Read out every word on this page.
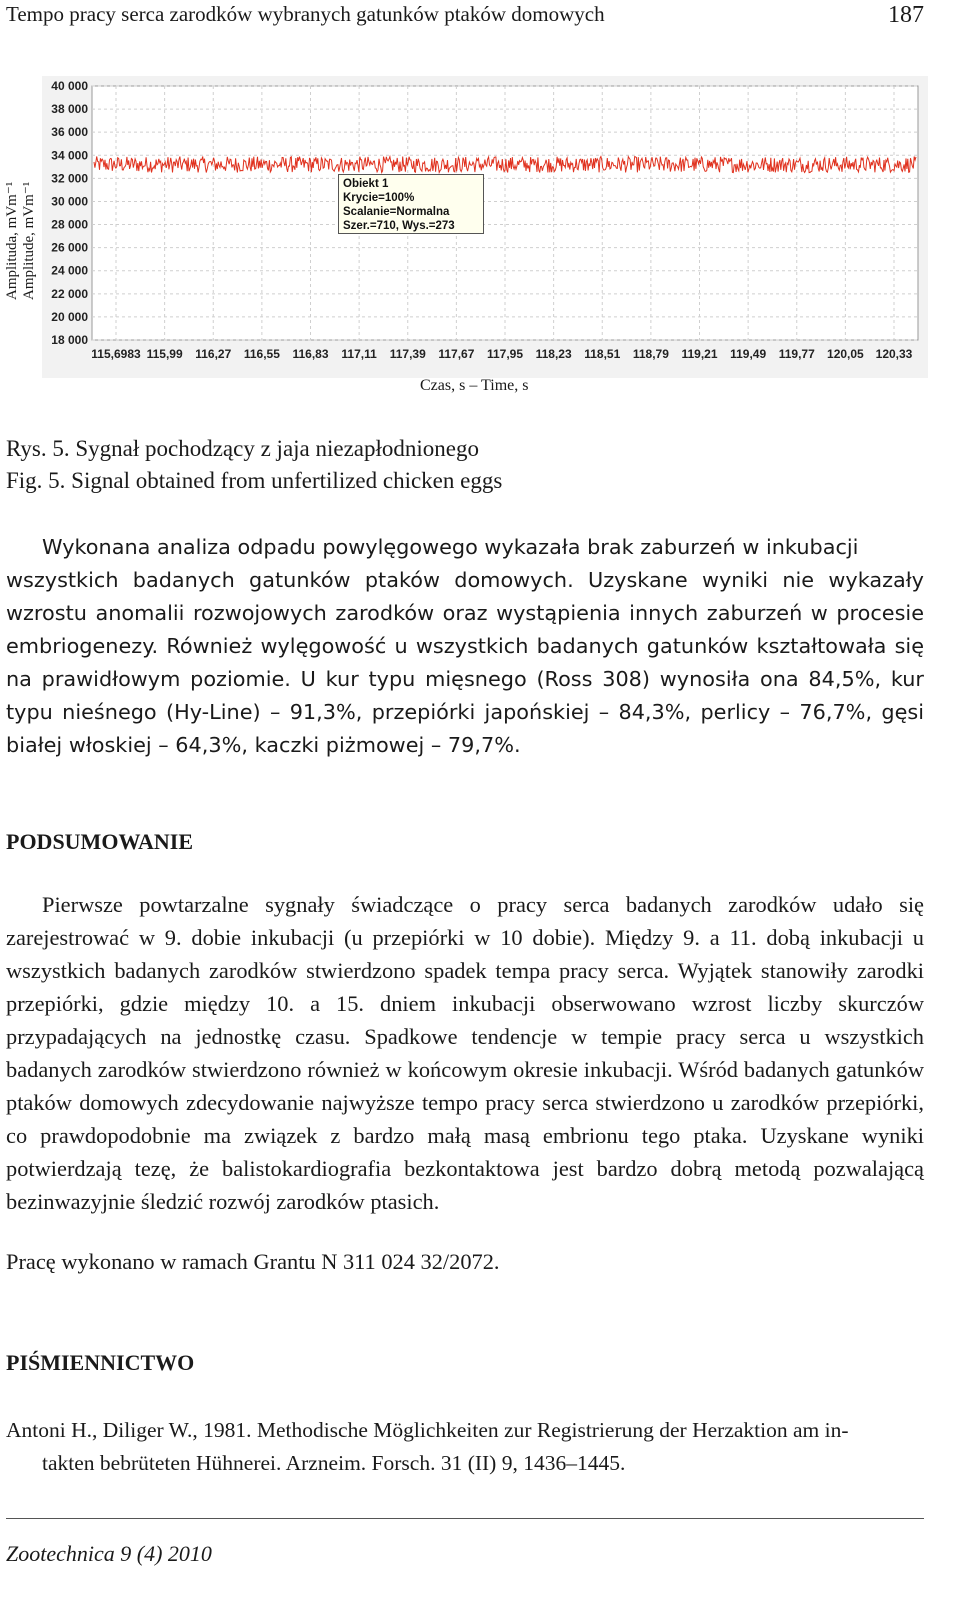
Tempo pracy serca zarodków wybranych gatunków ptaków domowych	187
Amplituda, mVm⁻¹ Amplitude, mVm⁻¹
40 000
38 000
36 000
34 000
32 000
30 000
28 000
26 000
24 000
22 000
20 000
18 000
115,6983 115,99 116,27 116,55 116,83 117,11 117,39 117,67 117,95 118,23 118,51 118,79 119,21 119,49 119,77 120,05 120,33
Obiekt 1
Krycie=100%
Scalanie=Normalna
Szer.=710, Wys.=273
Czas, s – Time, s
Rys. 5. Sygnał pochodzący z jaja niezapłodnionego
Fig. 5. Signal obtained from unfertilized chicken eggs
Wykonana analiza odpadu powylęgowego wykazała brak zaburzeń w inkubacji
wszystkich badanych gatunków ptaków domowych. Uzyskane wyniki nie wykazały wzrostu anomalii rozwojowych zarodków oraz wystąpienia innych zaburzeń w procesie embriogenezy. Również wylęgowość u wszystkich badanych gatunków kształtowała się na prawidłowym poziomie. U kur typu mięsnego (Ross 308) wynosiła ona 84,5%, kur typu nieśnego (Hy-Line) – 91,3%, przepiórki japońskiej – 84,3%, perlicy – 76,7%, gęsi białej włoskiej – 64,3%, kaczki piżmowej – 79,7%.
PODSUMOWANIE
Pierwsze powtarzalne sygnały świadczące o pracy serca badanych zarodków udało się zarejestrować w 9. dobie inkubacji (u przepiórki w 10 dobie). Między 9. a 11. dobą inkubacji u wszystkich badanych zarodków stwierdzono spadek tempa pracy serca. Wyjątek stanowiły zarodki przepiórki, gdzie między 10. a 15. dniem inkubacji obserwowano wzrost liczby skurczów przypadających na jednostkę czasu. Spadkowe tendencje w tempie pracy serca u wszystkich badanych zarodków stwierdzono również w końcowym okresie inkubacji. Wśród badanych gatunków ptaków domowych zdecydowanie najwyższe tempo pracy serca stwierdzono u zarodków przepiórki, co prawdopodobnie ma związek z bardzo małą masą embrionu tego ptaka. Uzyskane wyniki potwierdzają tezę, że balistokardiografia bezkontaktowa jest bardzo dobrą metodą pozwalającą bezinwazyjnie śledzić rozwój zarodków ptasich.
Pracę wykonano w ramach Grantu N 311 024 32/2072.
PIŚMIENNICTWO
Antoni H., Diliger W., 1981. Methodische Möglichkeiten zur Registrierung der Herzaktion am in-
takten bebrüteten Hühnerei. Arzneim. Forsch. 31 (II) 9, 1436–1445.
Zootechnica 9 (4) 2010
